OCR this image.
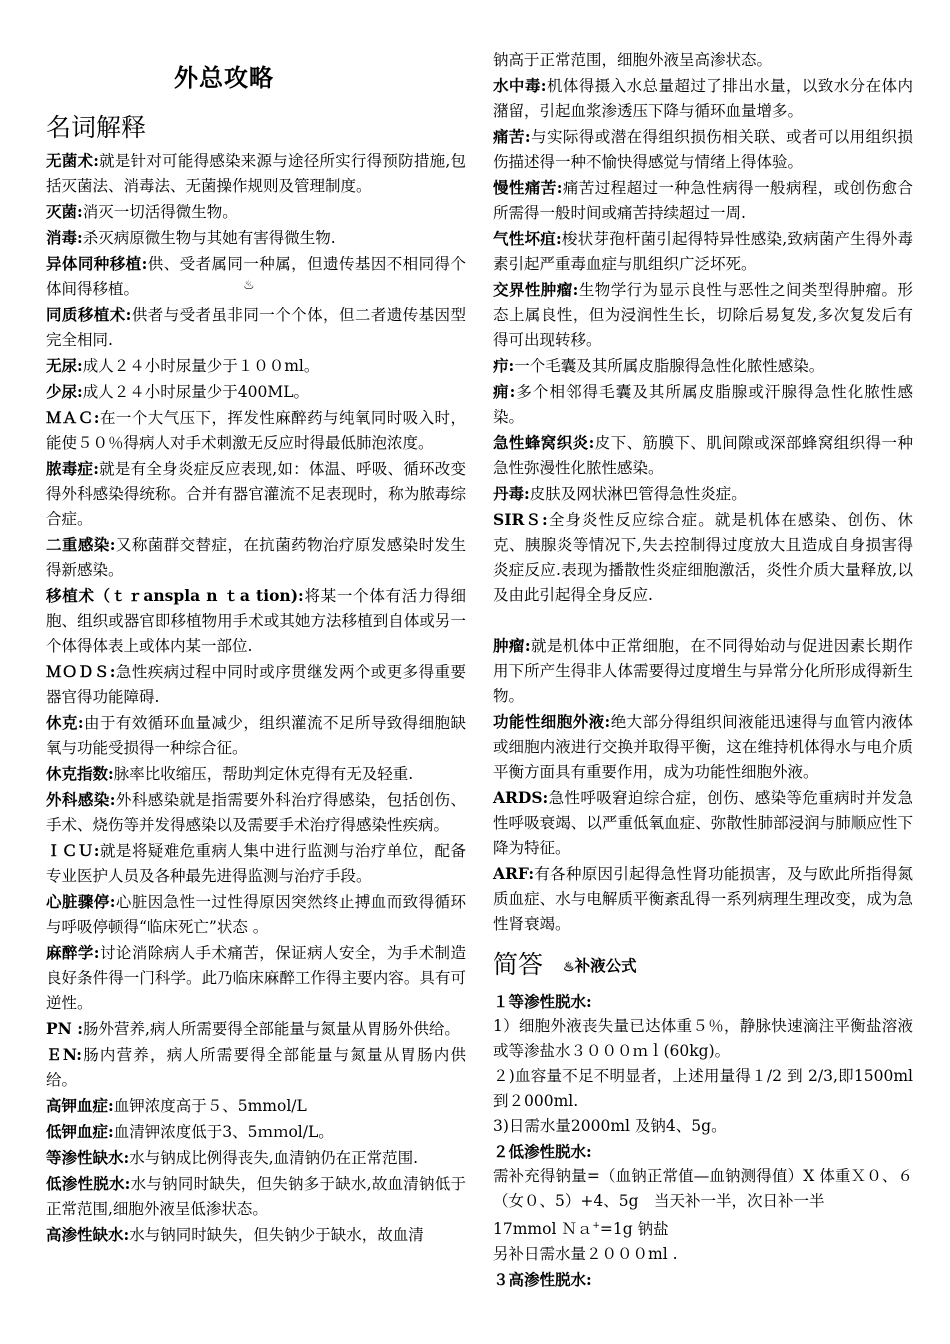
外总攻略
名词解释

无菌术:就是针对可能得感染来源与途径所实行得预防措施,包括灭菌法、消毒法、无菌操作规则及管理制度。

灭菌:消灭一切活得微生物。

消毒:杀灭病原微生物与其她有害得微生物.

异体同种移植:供、受者属同一种属，但遗传基因不相同得个体间得移植。

同质移植术:供者与受者虽非同一个个体，但二者遗传基因型完全相同.

无尿:成人２４小时尿量少于１００ml。

少尿:成人２４小时尿量少于400ML。

ＭＡＣ:在一个大气压下，挥发性麻醉药与纯氧同时吸入时，能使５０％得病人对手术刺激无反应时得最低肺泡浓度。

脓毒症:就是有全身炎症反应表现,如：体温、呼吸、循环改变得外科感染得统称。合并有器官灌流不足表现时，称为脓毒综合症。

二重感染:又称菌群交替症，在抗菌药物治疗原发感染时发生得新感染。

移植术（ｔｒanspla n ｔa tion):将某一个体有活力得细胞、组织或器官即移植物用手术或其她方法移植到自体或另一个体得体表上或体内某一部位.

ＭＯＤＳ:急性疾病过程中同时或序贯继发两个或更多得重要器官得功能障碍.

休克:由于有效循环血量减少，组织灌流不足所导致得细胞缺氧与功能受损得一种综合征。

休克指数:脉率比收缩压，帮助判定休克得有无及轻重.

外科感染:外科感染就是指需要外科治疗得感染，包括创伤、手术、烧伤等并发得感染以及需要手术治疗得感染性疾病。

ＩＣＵ:就是将疑难危重病人集中进行监测与治疗单位，配备专业医护人员及各种最先进得监测与治疗手段。

心脏骤停:心脏因急性一过性得原因突然终止搏血而致得循环与呼吸停顿得“临床死亡”状态 。

麻醉学:讨论消除病人手术痛苦，保证病人安全，为手术制造良好条件得一门科学。此乃临床麻醉工作得主要内容。具有可逆性。

PN :肠外营养,病人所需要得全部能量与氮量从胃肠外供给。

ＥN:肠内营养，病人所需要得全部能量与氮量从胃肠内供给。

高钾血症:血钾浓度高于５、5mmol/L

低钾血症:血清钾浓度低于3、5ｍｍol/L。

等渗性缺水:水与钠成比例得丧失,血清钠仍在正常范围.

低渗性脱水:水与钠同时缺失，但失钠多于缺水,故血清钠低于正常范围,细胞外液呈低渗状态。

高渗性缺水:水与钠同时缺失，但失钠少于缺水，故血清

♨

钠高于正常范围，细胞外液呈高渗状态。

水中毒:机体得摄入水总量超过了排出水量，以致水分在体内潴留，引起血浆渗透压下降与循环血量增多。

痛苦:与实际得或潜在得组织损伤相关联、或者可以用组织损伤描述得一种不愉快得感觉与情绪上得体验。

慢性痛苦:痛苦过程超过一种急性病得一般病程，或创伤愈合所需得一般时间或痛苦持续超过一周.

气性坏疽:梭状芽孢杆菌引起得特异性感染,致病菌产生得外毒素引起严重毒血症与肌组织广泛坏死。

交界性肿瘤:生物学行为显示良性与恶性之间类型得肿瘤。形态上属良性，但为浸润性生长，切除后易复发,多次复发后有得可出现转移。

疖:一个毛囊及其所属皮脂腺得急性化脓性感染。

痈:多个相邻得毛囊及其所属皮脂腺或汗腺得急性化脓性感染。

急性蜂窝织炎:皮下、筋膜下、肌间隙或深部蜂窝组织得一种急性弥漫性化脓性感染。

丹毒:皮肤及网状淋巴管得急性炎症。

SIRＳ:全身炎性反应综合症。就是机体在感染、创伤、休克、胰腺炎等情况下,失去控制得过度放大且造成自身损害得炎症反应.表现为播散性炎症细胞激活，炎性介质大量释放,以及由此引起得全身反应.

肿瘤:就是机体中正常细胞，在不同得始动与促进因素长期作用下所产生得非人体需要得过度增生与异常分化所形成得新生物。

功能性细胞外液:绝大部分得组织间液能迅速得与血管内液体或细胞内液进行交换并取得平衡，这在维持机体得水与电介质平衡方面具有重要作用，成为功能性细胞外液。

ARDS:急性呼吸窘迫综合症，创伤、感染等危重病时并发急性呼吸衰竭、以严重低氧血症、弥散性肺部浸润与肺顺应性下降为特征。

ARF:有各种原因引起得急性肾功能损害，及与欧此所指得氮质血症、水与电解质平衡紊乱得一系列病理生理改变，成为急性肾衰竭。

简答 ♨补液公式

１等渗性脱水:

1）细胞外液丧失量已达体重５％，静脉快速滴注平衡盐溶液或等渗盐水３０００ｍｌ(60kg)。

２)血容量不足不明显者，上述用量得１/2 到 2/3,即1500ml 到２000ml.

3)日需水量2000ml 及钠4、5g。

２低渗性脱水:

需补充得钠量=（血钠正常值—血钠测得值）X 体重Ｘ０、６（女０、5）+4、5g　当天补一半，次日补一半

17mmol Ｎａ+=1g 钠盐

另补日需水量２０００ml .

３高渗性脱水:
